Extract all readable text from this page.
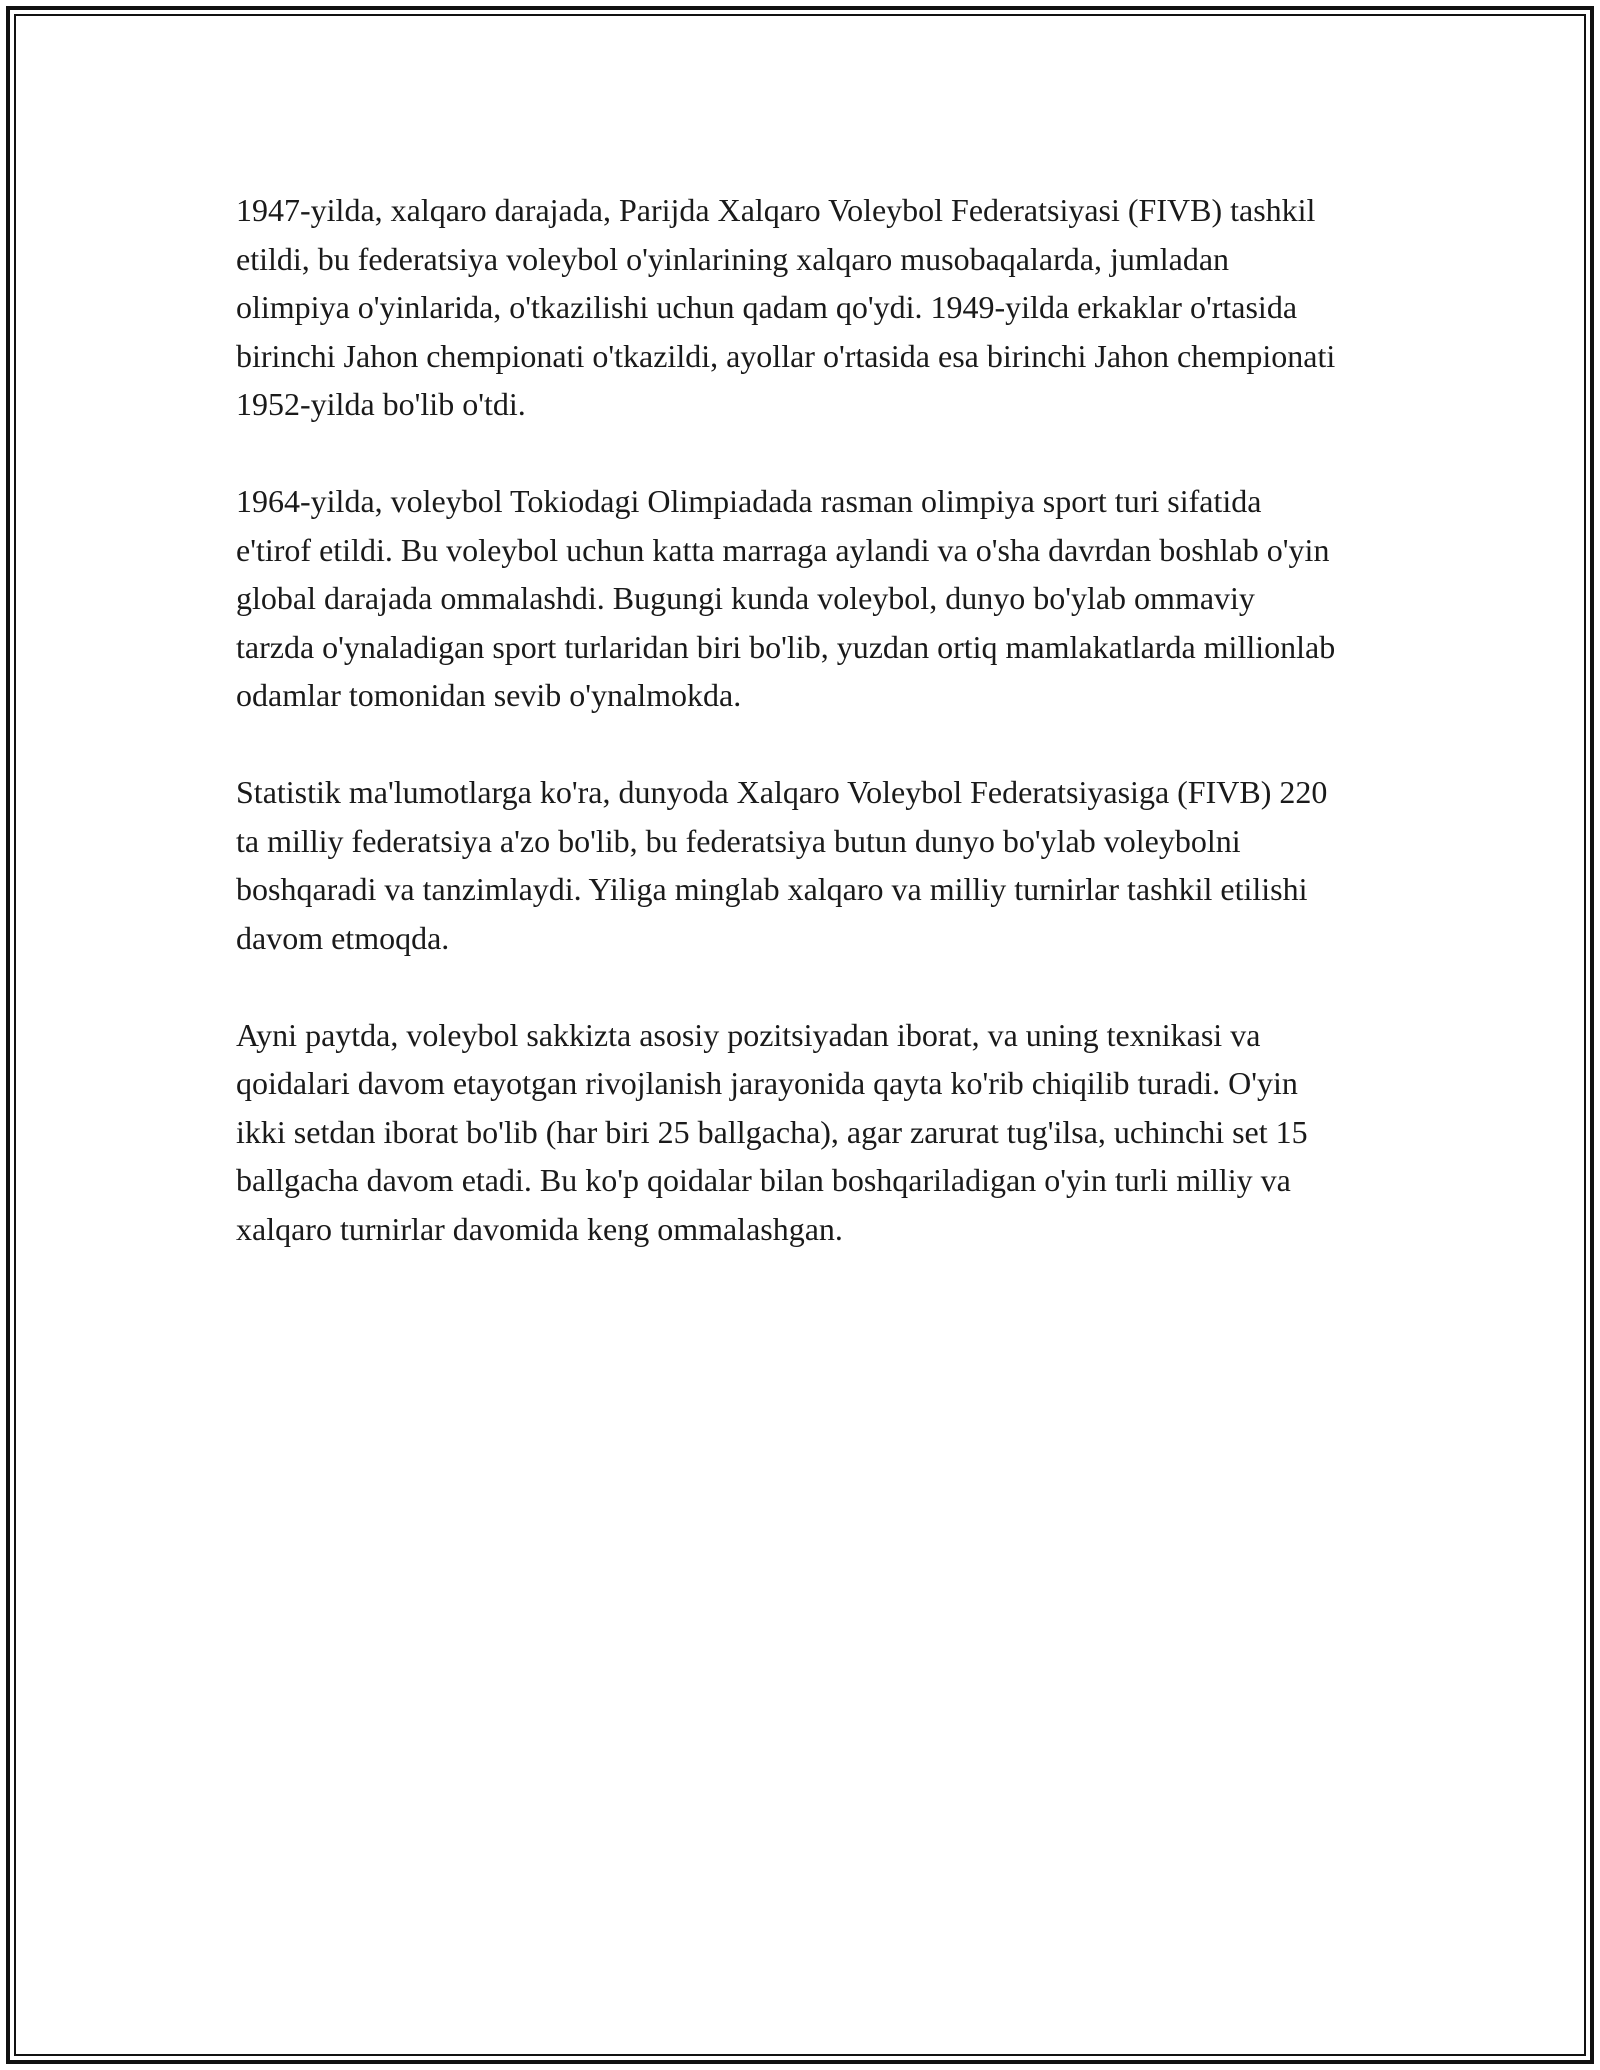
1947-yilda, xalqaro darajada, Parijda Xalqaro Voleybol Federatsiyasi (FIVB) tashkil etildi, bu federatsiya voleybol o'yinlarining xalqaro musobaqalarda, jumladan olimpiya o'yinlarida, o'tkazilishi uchun qadam qo'ydi. 1949-yilda erkaklar o'rtasida birinchi Jahon chempionati o'tkazildi, ayollar o'rtasida esa birinchi Jahon chempionati 1952-yilda bo'lib o'tdi.

1964-yilda, voleybol Tokiodagi Olimpiadada rasman olimpiya sport turi sifatida e'tirof etildi. Bu voleybol uchun katta marraga aylandi va o'sha davrdan boshlab o'yin global darajada ommalashdi. Bugungi kunda voleybol, dunyo bo'ylab ommaviy tarzda o'ynaladigan sport turlaridan biri bo'lib, yuzdan ortiq mamlakatlarda millionlab odamlar tomonidan sevib o'ynalmokda.

Statistik ma'lumotlarga ko'ra, dunyoda Xalqaro Voleybol Federatsiyasiga (FIVB) 220 ta milliy federatsiya a'zo bo'lib, bu federatsiya butun dunyo bo'ylab voleybolni boshqaradi va tanzimlaydi. Yiliga minglab xalqaro va milliy turnirlar tashkil etilishi davom etmoqda.

Ayni paytda, voleybol sakkizta asosiy pozitsiyadan iborat, va uning texnikasi va qoidalari davom etayotgan rivojlanish jarayonida qayta ko'rib chiqilib turadi. O'yin ikki setdan iborat bo'lib (har biri 25 ballgacha), agar zarurat tug'ilsa, uchinchi set 15 ballgacha davom etadi. Bu ko'p qoidalar bilan boshqariladigan o'yin turli milliy va xalqaro turnirlar davomida keng ommalashgan.
